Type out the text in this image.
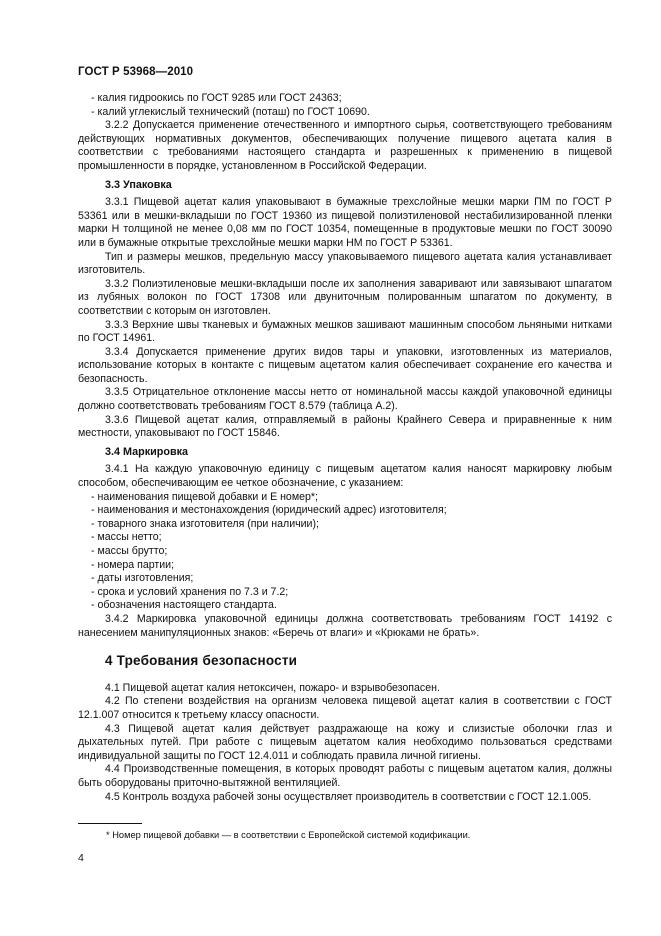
ГОСТ Р 53968—2010

- калия гидроокись по ГОСТ 9285 или ГОСТ 24363;

- калий углекислый технический (поташ) по ГОСТ 10690.

3.2.2 Допускается применение отечественного и импортного сырья, соответствующего требованиям действующих нормативных документов, обеспечивающих получение пищевого ацетата калия в соответствии с требованиями настоящего стандарта и разрешенных к применению в пищевой промышленности в порядке, установленном в Российской Федерации.

3.3 Упаковка

3.3.1 Пищевой ацетат калия упаковывают в бумажные трехслойные мешки марки ПМ по ГОСТ Р 53361 или в мешки-вкладыши по ГОСТ 19360 из пищевой полиэтиленовой нестабилизированной пленки марки Н толщиной не менее 0,08 мм по ГОСТ 10354, помещенные в продуктовые мешки по ГОСТ 30090 или в бумажные открытые трехслойные мешки марки НМ по ГОСТ Р 53361.

Тип и размеры мешков, предельную массу упаковываемого пищевого ацетата калия устанавливает изготовитель.

3.3.2 Полиэтиленовые мешки-вкладыши после их заполнения заваривают или завязывают шпагатом из лубяных волокон по ГОСТ 17308 или двуниточным полированным шпагатом по документу, в соответствии с которым он изготовлен.

3.3.3 Верхние швы тканевых и бумажных мешков зашивают машинным способом льняными нитками по ГОСТ 14961.

3.3.4 Допускается применение других видов тары и упаковки, изготовленных из материалов, использование которых в контакте с пищевым ацетатом калия обеспечивает сохранение его качества и безопасность.

3.3.5 Отрицательное отклонение массы нетто от номинальной массы каждой упаковочной единицы должно соответствовать требованиям ГОСТ 8.579 (таблица А.2).

3.3.6 Пищевой ацетат калия, отправляемый в районы Крайнего Севера и приравненные к ним местности, упаковывают по ГОСТ 15846.

3.4 Маркировка

3.4.1 На каждую упаковочную единицу с пищевым ацетатом калия наносят маркировку любым способом, обеспечивающим ее четкое обозначение, с указанием:

- наименования пищевой добавки и Е номер*;

- наименования и местонахождения (юридический адрес) изготовителя;

- товарного знака изготовителя (при наличии);

- массы нетто;

- массы брутто;

- номера партии;

- даты изготовления;

- срока и условий хранения по 7.3 и 7.2;

- обозначения настоящего стандарта.

3.4.2 Маркировка упаковочной единицы должна соответствовать требованиям ГОСТ 14192 с нанесением манипуляционных знаков: «Беречь от влаги» и «Крюками не брать».

4 Требования безопасности

4.1 Пищевой ацетат калия нетоксичен, пожаро- и взрывобезопасен.

4.2 По степени воздействия на организм человека пищевой ацетат калия в соответствии с ГОСТ 12.1.007 относится к третьему классу опасности.

4.3 Пищевой ацетат калия действует раздражающе на кожу и слизистые оболочки глаз и дыхательных путей. При работе с пищевым ацетатом калия необходимо пользоваться средствами индивидуальной защиты по ГОСТ 12.4.011 и соблюдать правила личной гигиены.

4.4 Производственные помещения, в которых проводят работы с пищевым ацетатом калия, должны быть оборудованы приточно-вытяжной вентиляцией.

4.5 Контроль воздуха рабочей зоны осуществляет производитель в соответствии с ГОСТ 12.1.005.

* Номер пищевой добавки — в соответствии с Европейской системой кодификации.
4
